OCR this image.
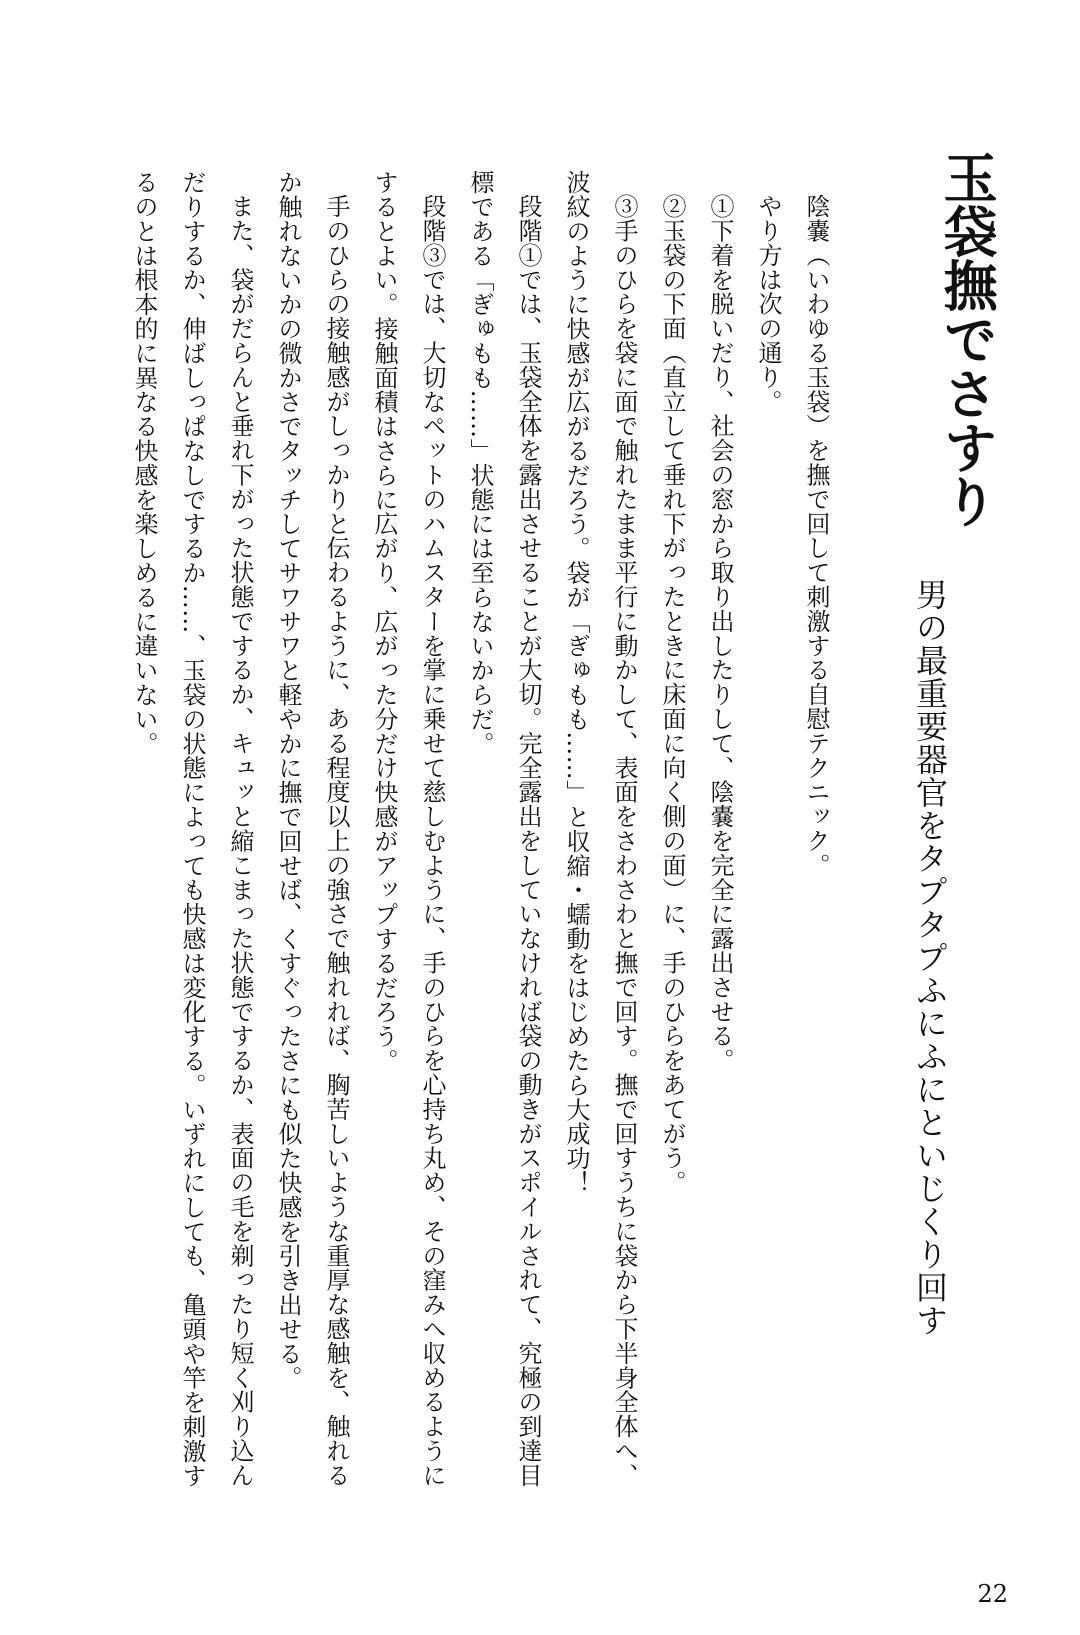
玉袋撫でさすり
男の最重要器官をタプタプふにふにといじくり回す

陰嚢（いわゆる玉袋）を撫で回して刺激する自慰テクニック。

やり方は次の通り。

①下着を脱いだり、社会の窓から取り出したりして、陰嚢を完全に露出させる。

②玉袋の下面（直立して垂れ下がったときに床面に向く側の面）に、手のひらをあてがう。

③手のひらを袋に面で触れたまま平行に動かして、表面をさわさわと撫で回す。撫で回すうちに袋から下半身全体へ、波紋のように快感が広がるだろう。袋が「ぎゅもも……」と収縮・蠕動をはじめたら大成功！

段階①では、玉袋全体を露出させることが大切。完全露出をしていなければ袋の動きがスポイルされて、究極の到達目標である「ぎゅもも……」状態には至らないからだ。

段階③では、大切なペットのハムスターを掌に乗せて慈しむように、手のひらを心持ち丸め、その窪みへ収めるようにするとよい。接触面積はさらに広がり、広がった分だけ快感がアップするだろう。

手のひらの接触感がしっかりと伝わるように、ある程度以上の強さで触れれば、胸苦しいような重厚な感触を、触れるか触れないかの微かさでタッチしてサワサワと軽やかに撫で回せば、くすぐったさにも似た快感を引き出せる。

また、袋がだらんと垂れ下がった状態でするか、キュッと縮こまった状態でするか、表面の毛を剃ったり短く刈り込んだりするか、伸ばしっぱなしでするか……、玉袋の状態によっても快感は変化する。いずれにしても、亀頭や竿を刺激するのとは根本的に異なる快感を楽しめるに違いない。

22
